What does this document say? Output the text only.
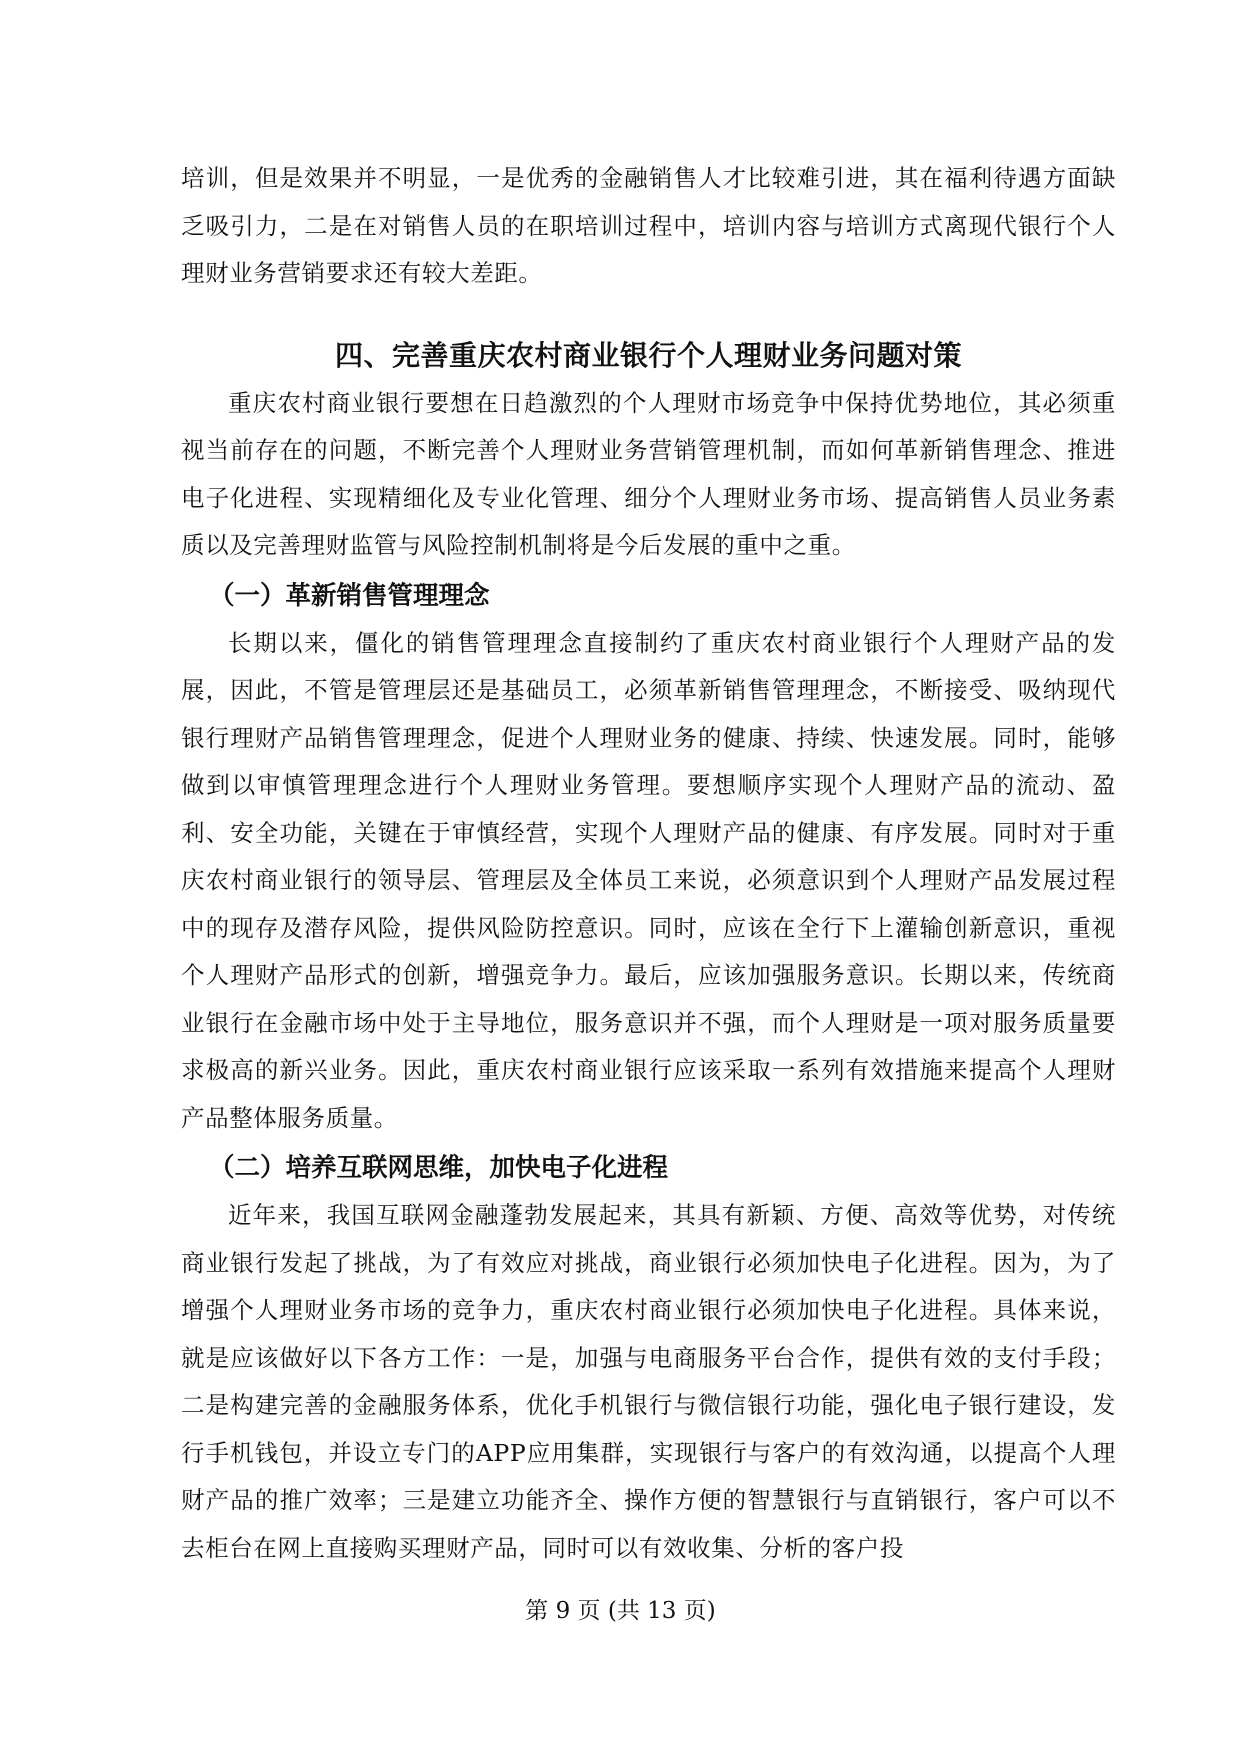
培训，但是效果并不明显，一是优秀的金融销售人才比较难引进，其在福利待遇方面缺乏吸引力，二是在对销售人员的在职培训过程中，培训内容与培训方式离现代银行个人理财业务营销要求还有较大差距。

四、完善重庆农村商业银行个人理财业务问题对策

重庆农村商业银行要想在日趋激烈的个人理财市场竞争中保持优势地位，其必须重视当前存在的问题，不断完善个人理财业务营销管理机制，而如何革新销售理念、推进电子化进程、实现精细化及专业化管理、细分个人理财业务市场、提高销售人员业务素质以及完善理财监管与风险控制机制将是今后发展的重中之重。

（一）革新销售管理理念

长期以来，僵化的销售管理理念直接制约了重庆农村商业银行个人理财产品的发展，因此，不管是管理层还是基础员工，必须革新销售管理理念，不断接受、吸纳现代银行理财产品销售管理理念，促进个人理财业务的健康、持续、快速发展。同时，能够做到以审慎管理理念进行个人理财业务管理。要想顺序实现个人理财产品的流动、盈利、安全功能，关键在于审慎经营，实现个人理财产品的健康、有序发展。同时对于重庆农村商业银行的领导层、管理层及全体员工来说，必须意识到个人理财产品发展过程中的现存及潜存风险，提供风险防控意识。同时，应该在全行下上灌输创新意识，重视个人理财产品形式的创新，增强竞争力。最后，应该加强服务意识。长期以来，传统商业银行在金融市场中处于主导地位，服务意识并不强，而个人理财是一项对服务质量要求极高的新兴业务。因此，重庆农村商业银行应该采取一系列有效措施来提高个人理财产品整体服务质量。

（二）培养互联网思维，加快电子化进程

近年来，我国互联网金融蓬勃发展起来，其具有新颖、方便、高效等优势，对传统商业银行发起了挑战，为了有效应对挑战，商业银行必须加快电子化进程。因为，为了增强个人理财业务市场的竞争力，重庆农村商业银行必须加快电子化进程。具体来说，就是应该做好以下各方工作：一是，加强与电商服务平台合作，提供有效的支付手段；二是构建完善的金融服务体系，优化手机银行与微信银行功能，强化电子银行建设，发行手机钱包，并设立专门的APP应用集群，实现银行与客户的有效沟通，以提高个人理财产品的推广效率；三是建立功能齐全、操作方便的智慧银行与直销银行，客户可以不去柜台在网上直接购买理财产品，同时可以有效收集、分析的客户投

第 9 页 (共 13 页)
